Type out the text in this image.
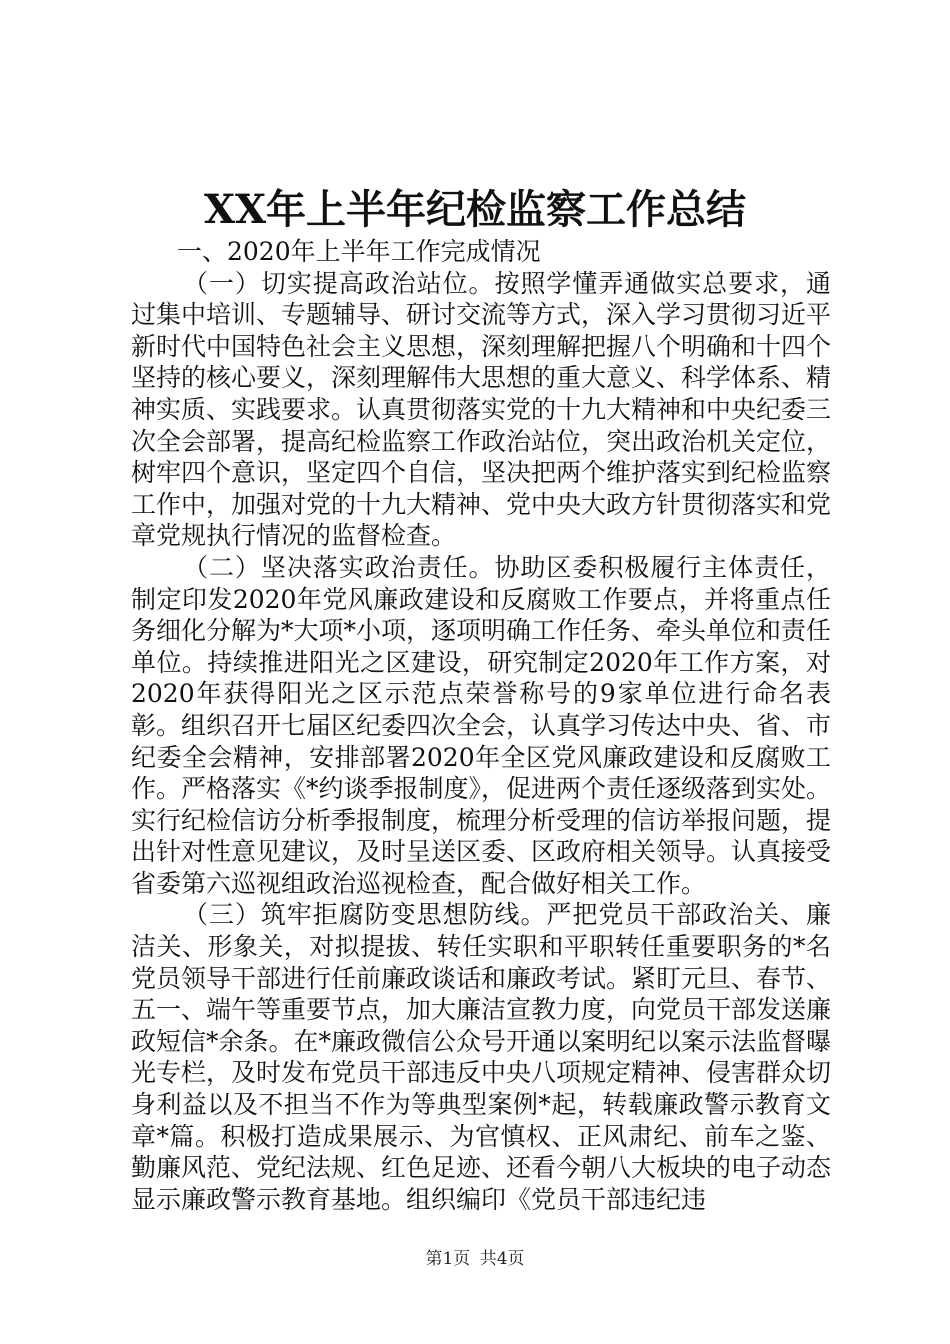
XX年上半年纪检监察工作总结

一、2020年上半年工作完成情况

（一）切实提高政治站位。按照学懂弄通做实总要求，通过集中培训、专题辅导、研讨交流等方式，深入学习贯彻习近平新时代中国特色社会主义思想，深刻理解把握八个明确和十四个坚持的核心要义，深刻理解伟大思想的重大意义、科学体系、精神实质、实践要求。认真贯彻落实党的十九大精神和中央纪委三次全会部署，提高纪检监察工作政治站位，突出政治机关定位，树牢四个意识，坚定四个自信，坚决把两个维护落实到纪检监察工作中，加强对党的十九大精神、党中央大政方针贯彻落实和党章党规执行情况的监督检查。

（二）坚决落实政治责任。协助区委积极履行主体责任，制定印发2020年党风廉政建设和反腐败工作要点，并将重点任务细化分解为*大项*小项，逐项明确工作任务、牵头单位和责任单位。持续推进阳光之区建设，研究制定2020年工作方案，对2020年获得阳光之区示范点荣誉称号的9家单位进行命名表彰。组织召开七届区纪委四次全会，认真学习传达中央、省、市纪委全会精神，安排部署2020年全区党风廉政建设和反腐败工作。严格落实《*约谈季报制度》，促进两个责任逐级落到实处。实行纪检信访分析季报制度，梳理分析受理的信访举报问题，提出针对性意见建议，及时呈送区委、区政府相关领导。认真接受省委第六巡视组政治巡视检查，配合做好相关工作。

（三）筑牢拒腐防变思想防线。严把党员干部政治关、廉洁关、形象关，对拟提拔、转任实职和平职转任重要职务的*名党员领导干部进行任前廉政谈话和廉政考试。紧盯元旦、春节、五一、端午等重要节点，加大廉洁宣教力度，向党员干部发送廉政短信*余条。在*廉政微信公众号开通以案明纪以案示法监督曝光专栏，及时发布党员干部违反中央八项规定精神、侵害群众切身利益以及不担当不作为等典型案例*起，转载廉政警示教育文章*篇。积极打造成果展示、为官慎权、正风肃纪、前车之鉴、勤廉风范、党纪法规、红色足迹、还看今朝八大板块的电子动态显示廉政警示教育基地。组织编印《党员干部违纪违

第1页 共4页
